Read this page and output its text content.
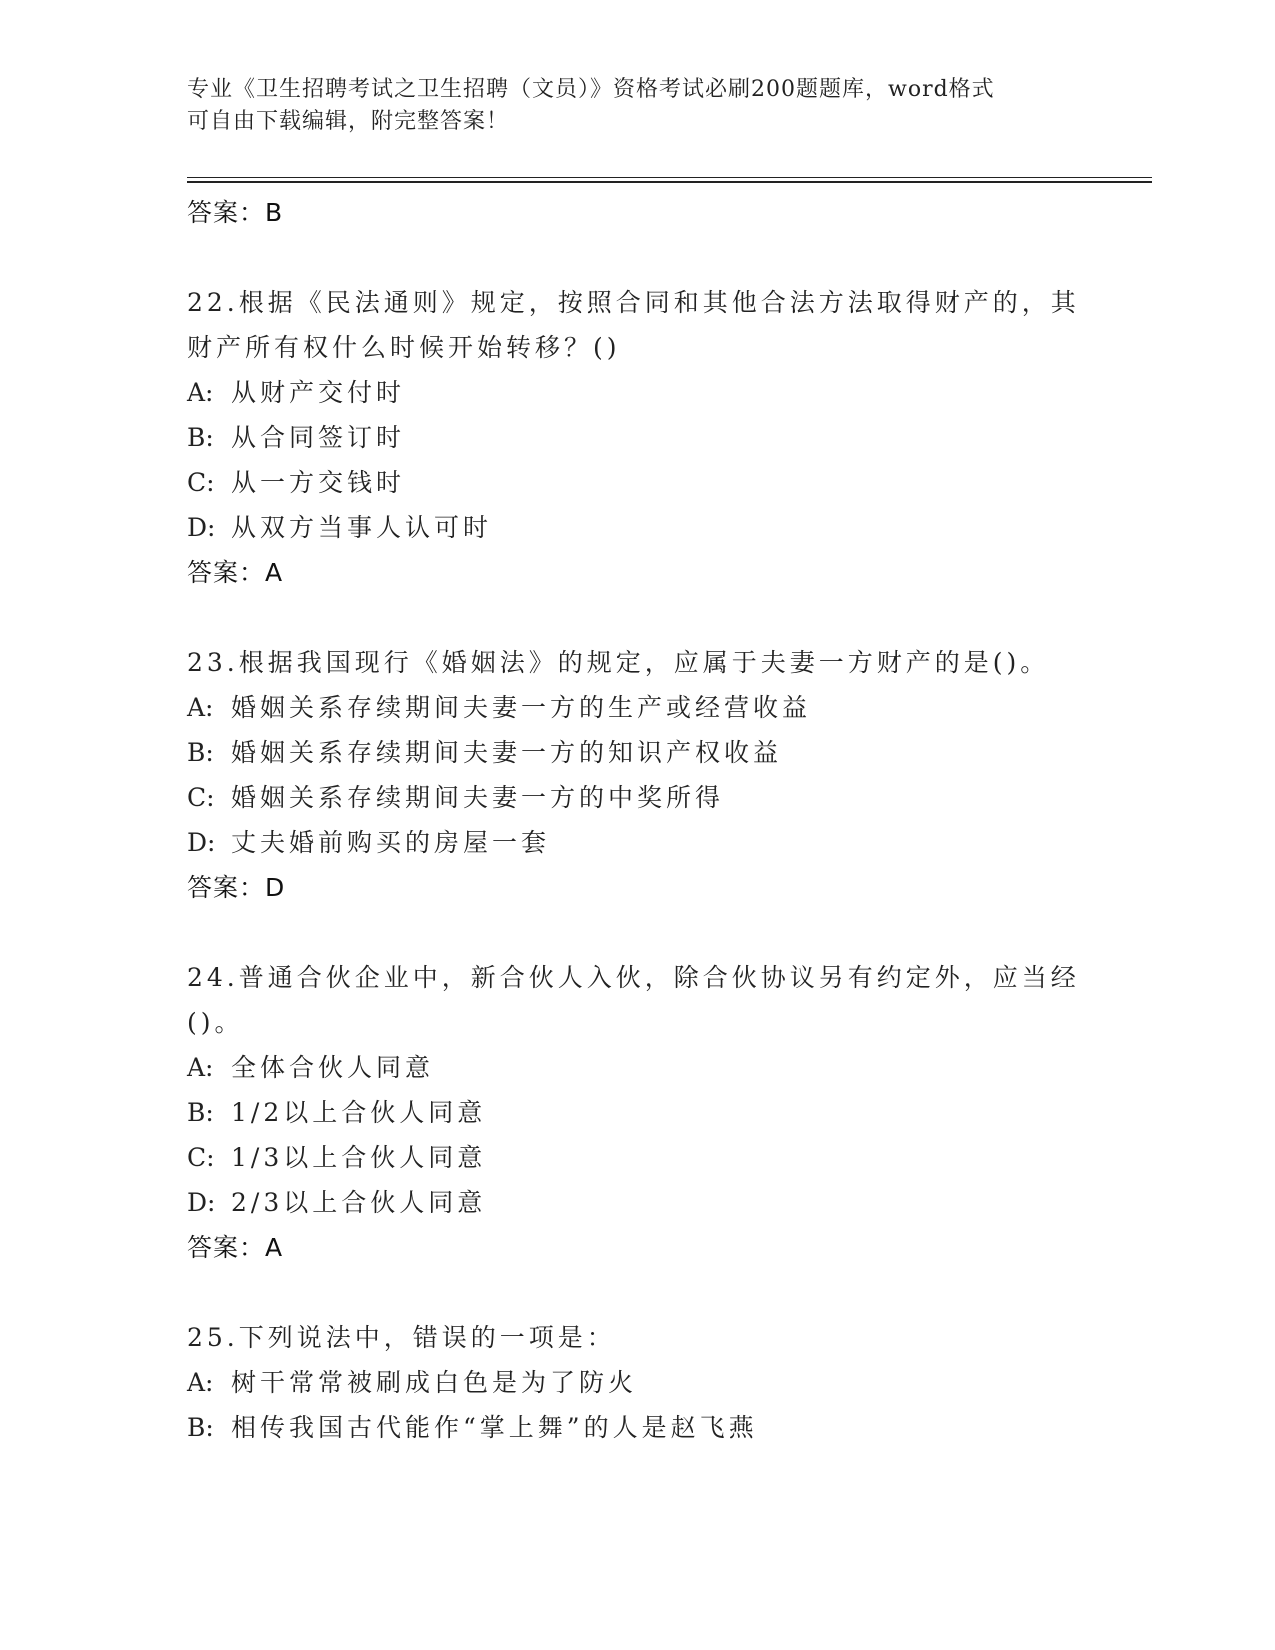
专业《卫生招聘考试之卫生招聘（文员）》资格考试必刷200题题库，word格式
可自由下载编辑，附完整答案！
答案：B
22.根据《民法通则》规定，按照合同和其他合法方法取得财产的，其
财产所有权什么时候开始转移？()
A: 从财产交付时
B: 从合同签订时
C: 从一方交钱时
D: 从双方当事人认可时
答案：A
23.根据我国现行《婚姻法》的规定，应属于夫妻一方财产的是()。
A: 婚姻关系存续期间夫妻一方的生产或经营收益
B: 婚姻关系存续期间夫妻一方的知识产权收益
C: 婚姻关系存续期间夫妻一方的中奖所得
D: 丈夫婚前购买的房屋一套
答案：D
24.普通合伙企业中，新合伙人入伙，除合伙协议另有约定外，应当经
()。
A: 全体合伙人同意
B: 1/2以上合伙人同意
C: 1/3以上合伙人同意
D: 2/3以上合伙人同意
答案：A
25.下列说法中，错误的一项是：
A: 树干常常被刷成白色是为了防火
B: 相传我国古代能作“掌上舞”的人是赵飞燕
